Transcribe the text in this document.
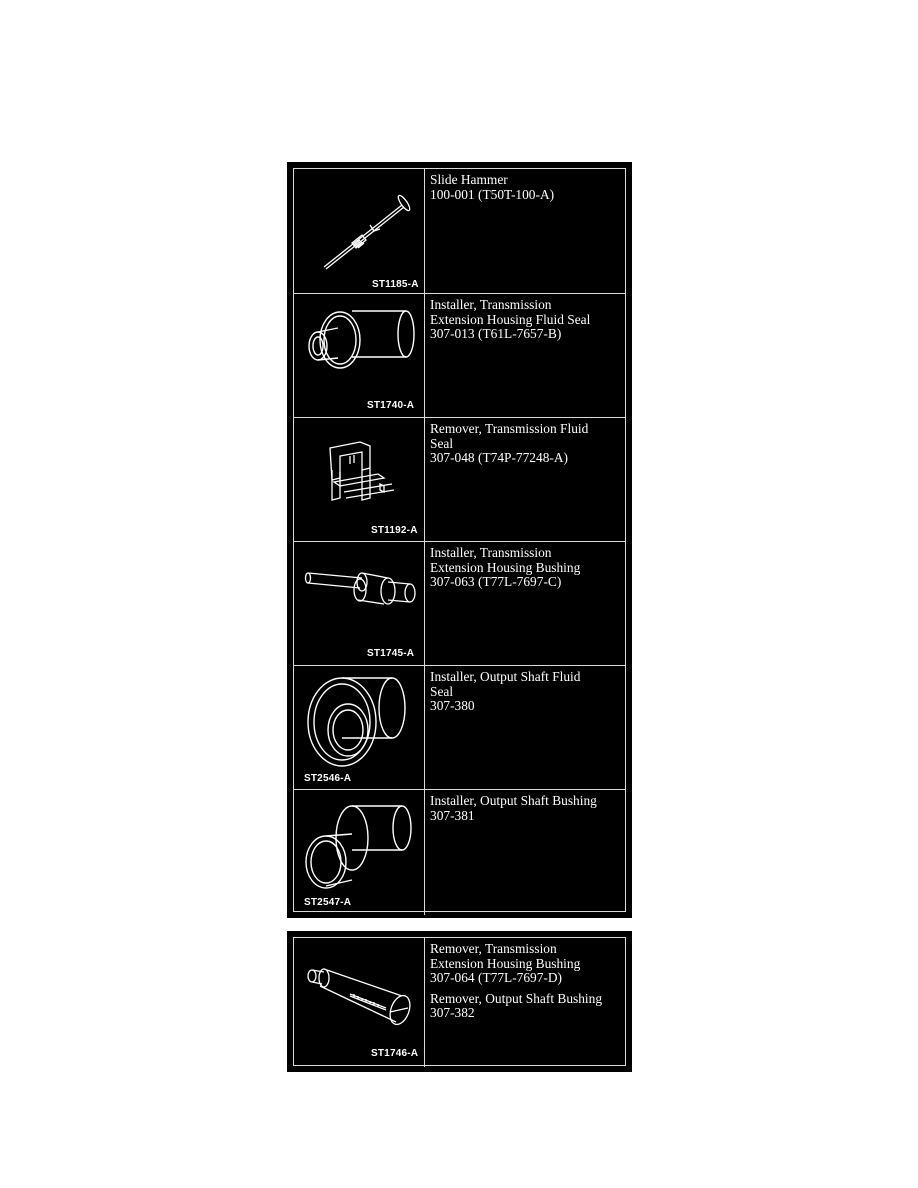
ST1185-A
Slide Hammer
100-001 (T50T-100-A)
ST1740-A
Installer, Transmission
Extension Housing Fluid Seal
307-013 (T61L-7657-B)
ST1192-A
Remover, Transmission Fluid
Seal
307-048 (T74P-77248-A)
ST1745-A
Installer, Transmission
Extension Housing Bushing
307-063 (T77L-7697-C)
ST2546-A
Installer, Output Shaft Fluid
Seal
307-380
ST2547-A
Installer, Output Shaft Bushing
307-381
ST1746-A
Remover, Transmission
Extension Housing Bushing
307-064 (T77L-7697-D)
Remover, Output Shaft Bushing
307-382
